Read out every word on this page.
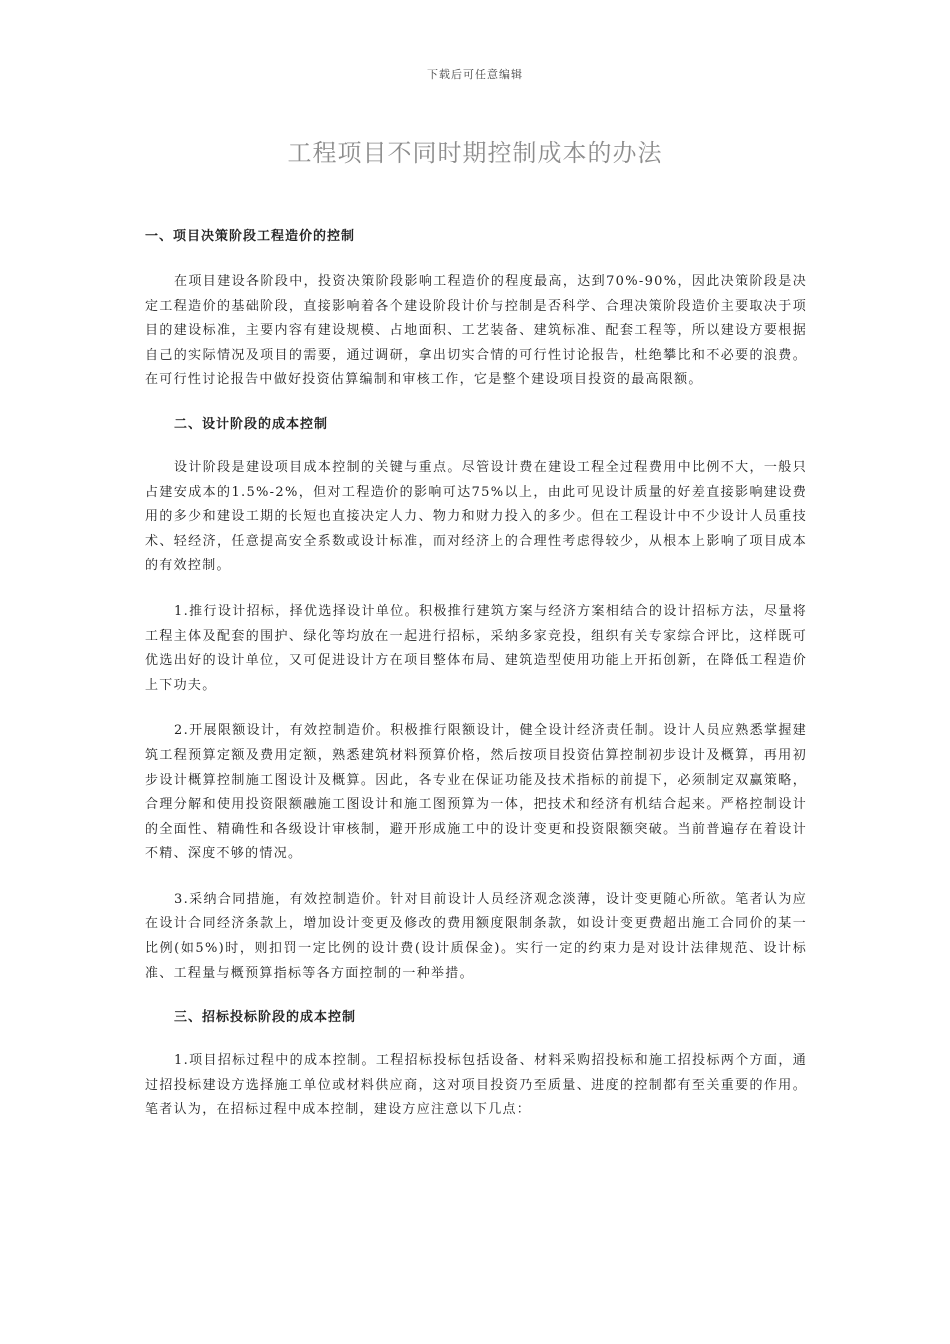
下载后可任意编辑
工程项目不同时期控制成本的办法
一、项目决策阶段工程造价的控制

在项目建设各阶段中，投资决策阶段影响工程造价的程度最高，达到70%-90%，因此决策阶段是决定工程造价的基础阶段，直接影响着各个建设阶段计价与控制是否科学、合理决策阶段造价主要取决于项目的建设标准，主要内容有建设规模、占地面积、工艺装备、建筑标准、配套工程等，所以建设方要根据自己的实际情况及项目的需要，通过调研，拿出切实合情的可行性讨论报告，杜绝攀比和不必要的浪费。在可行性讨论报告中做好投资估算编制和审核工作，它是整个建设项目投资的最高限额。

二、设计阶段的成本控制

设计阶段是建设项目成本控制的关键与重点。尽管设计费在建设工程全过程费用中比例不大，一般只占建安成本的1.5%-2%，但对工程造价的影响可达75%以上，由此可见设计质量的好差直接影响建设费用的多少和建设工期的长短也直接决定人力、物力和财力投入的多少。但在工程设计中不少设计人员重技术、轻经济，任意提高安全系数或设计标准，而对经济上的合理性考虑得较少，从根本上影响了项目成本的有效控制。

1.推行设计招标，择优选择设计单位。积极推行建筑方案与经济方案相结合的设计招标方法，尽量将工程主体及配套的围护、绿化等均放在一起进行招标，采纳多家竞投，组织有关专家综合评比，这样既可优选出好的设计单位，又可促进设计方在项目整体布局、建筑造型使用功能上开拓创新，在降低工程造价上下功夫。

2.开展限额设计，有效控制造价。积极推行限额设计，健全设计经济责任制。设计人员应熟悉掌握建筑工程预算定额及费用定额，熟悉建筑材料预算价格，然后按项目投资估算控制初步设计及概算，再用初步设计概算控制施工图设计及概算。因此，各专业在保证功能及技术指标的前提下，必须制定双赢策略，合理分解和使用投资限额融施工图设计和施工图预算为一体，把技术和经济有机结合起来。严格控制设计的全面性、精确性和各级设计审核制，避开形成施工中的设计变更和投资限额突破。当前普遍存在着设计不精、深度不够的情况。

3.采纳合同措施，有效控制造价。针对目前设计人员经济观念淡薄，设计变更随心所欲。笔者认为应在设计合同经济条款上，增加设计变更及修改的费用额度限制条款，如设计变更费超出施工合同价的某一比例(如5%)时，则扣罚一定比例的设计费(设计质保金)。实行一定的约束力是对设计法律规范、设计标准、工程量与概预算指标等各方面控制的一种举措。

三、招标投标阶段的成本控制

1.项目招标过程中的成本控制。工程招标投标包括设备、材料采购招投标和施工招投标两个方面，通过招投标建设方选择施工单位或材料供应商，这对项目投资乃至质量、进度的控制都有至关重要的作用。笔者认为，在招标过程中成本控制，建设方应注意以下几点：
